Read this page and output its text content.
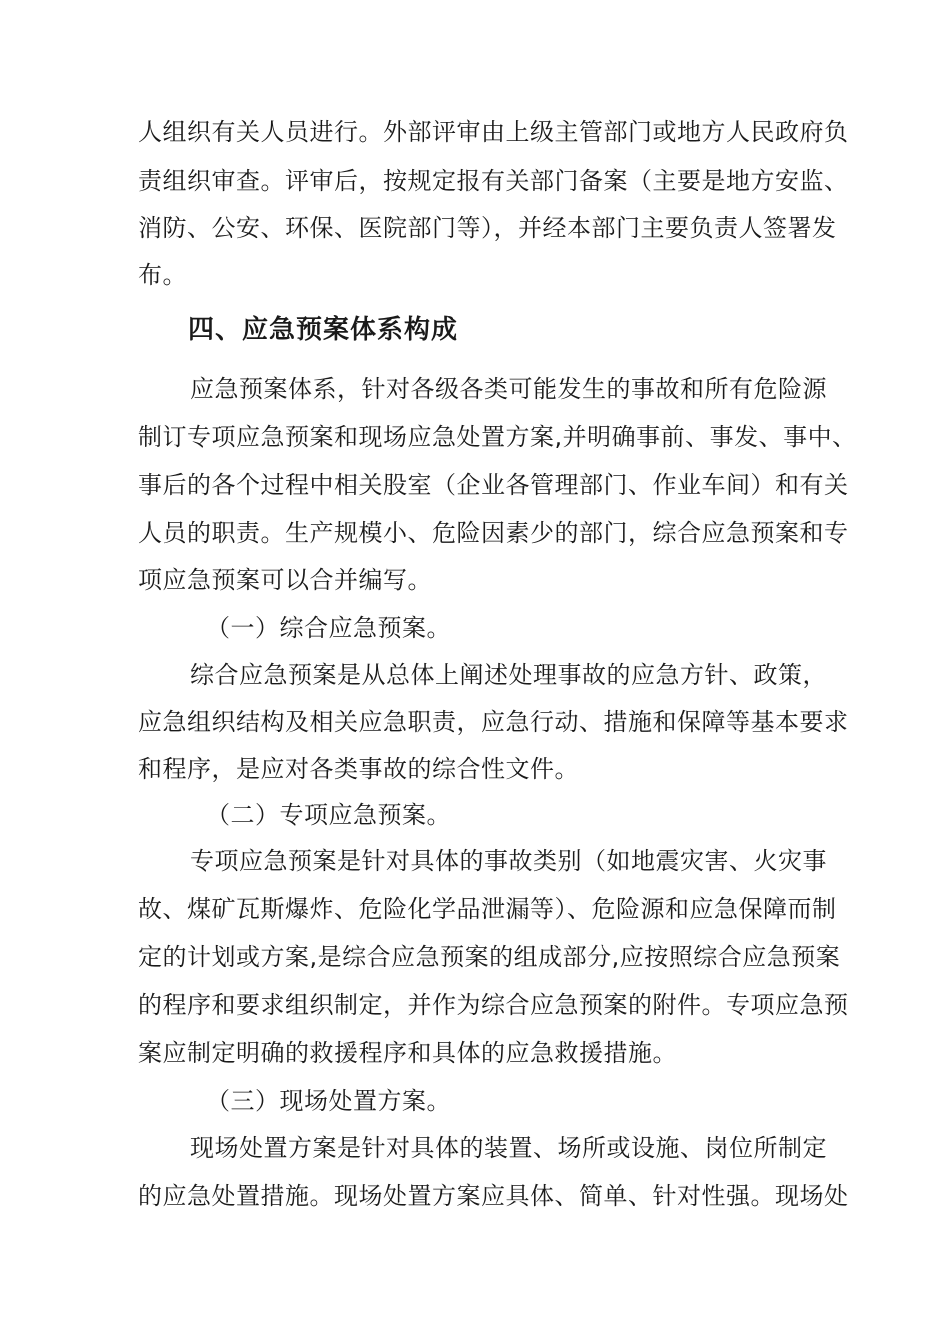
人组织有关人员进行。外部评审由上级主管部门或地方人民政府负
责组织审查。评审后，按规定报有关部门备案（主要是地方安监、
消防、公安、环保、医院部门等），并经本部门主要负责人签署发
布。
四、应急预案体系构成
应急预案体系，针对各级各类可能发生的事故和所有危险源
制订专项应急预案和现场应急处置方案,并明确事前、事发、事中、
事后的各个过程中相关股室（企业各管理部门、作业车间）和有关
人员的职责。生产规模小、危险因素少的部门，综合应急预案和专
项应急预案可以合并编写。
（一）综合应急预案。
综合应急预案是从总体上阐述处理事故的应急方针、政策，
应急组织结构及相关应急职责，应急行动、措施和保障等基本要求
和程序，是应对各类事故的综合性文件。
（二）专项应急预案。
专项应急预案是针对具体的事故类别（如地震灾害、火灾事
故、煤矿瓦斯爆炸、危险化学品泄漏等）、危险源和应急保障而制
定的计划或方案,是综合应急预案的组成部分,应按照综合应急预案
的程序和要求组织制定，并作为综合应急预案的附件。专项应急预
案应制定明确的救援程序和具体的应急救援措施。
（三）现场处置方案。
现场处置方案是针对具体的装置、场所或设施、岗位所制定
的应急处置措施。现场处置方案应具体、简单、针对性强。现场处
